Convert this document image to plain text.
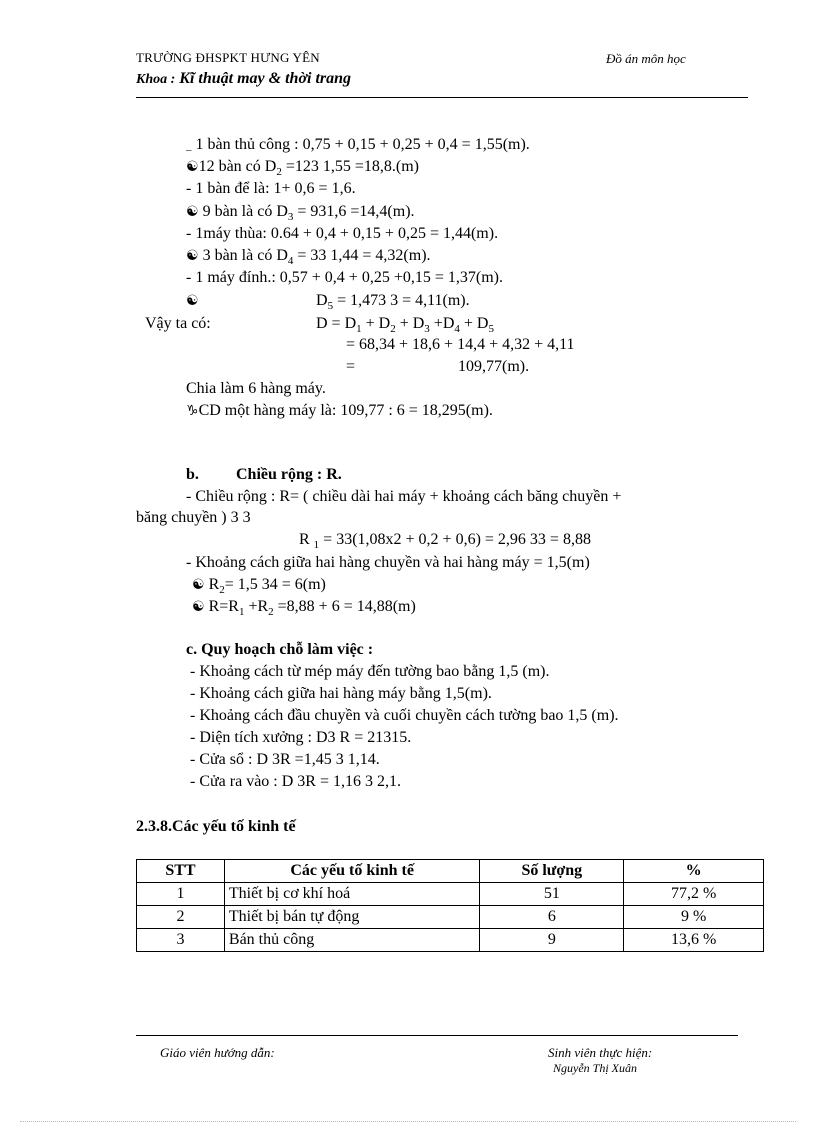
TRƯỜNG ĐHSPKT HƯNG YÊN
Khoa : Kĩ thuật may & thời trang
Đồ án môn học
_ 1 bàn thủ công : 0,75 + 0,15 + 0,25 + 0,4 = 1,55(m).
☯12 bàn có $D_2 =123$ 1,55 =18,8.(m)
- 1 bàn để là: 1+ 0,6 = 1,6.
☯ 9 bàn là có $D_3 = 931,6 =14,4(m)$.
- 1máy thùa: 0.64 + 0,4 + 0,15 + 0,25 = 1,44(m).
☯ 3 bàn là có $D_4 = 33$ 1,44 = 4,32(m).
- 1 máy đính.: 0,57 + 0,4 + 0,25 +0,15 = 1,37(m).
☯	$D_5 = 1,473$ 3 = 4,11(m).
Vậy ta có:	$D = D_1 + D_2 + D_3 +D_4 + D_5$
= 68,34 + 18,6 + 14,4 + 4,32 + 4,11
=	109,77(m).
Chia làm 6 hàng máy.
♑CD một hàng máy là: 109,77 : 6 = 18,295(m).
b. Chiều rộng : R.
- Chiều rộng : R= ( chiều dài hai máy + khoảng cách băng chuyền +
băng chuyền ) 3 3
R $_1$ = 33(1,08x2 + 0,2 + 0,6) = 2,96 33 = 8,88
- Khoảng cách giữa hai hàng chuyền và hai hàng máy = 1,5(m)
☯ $R_2= 1,5$ 34 = 6(m)
☯ $R=R_1 +R_2 =8,88 + 6 = 14,88(m)$
c. Quy hoạch chỗ làm việc :
- Khoảng cách từ mép máy đến tường bao bằng 1,5 (m).
- Khoảng cách giữa hai hàng máy bằng 1,5(m).
- Khoảng cách đầu chuyền và cuối chuyền cách tường bao 1,5 (m).
- Diện tích xưởng : D3 R = 21315.
- Cửa sổ : D 3R =1,45 3 1,14.
- Cửa ra vào : D 3R = 1,16 3 2,1.
2.3.8.Các yếu tố kinh tế
STT	Các yếu tố kinh tế	Số lượng	%
1	Thiết bị cơ khí hoá	51	77,2 %
2	Thiết bị bán tự động	6	9 %
3	Bán thủ công	9	13,6 %
Giáo viên hướng dẫn:	Sinh viên thực hiện:
Nguyễn Thị Xuân
